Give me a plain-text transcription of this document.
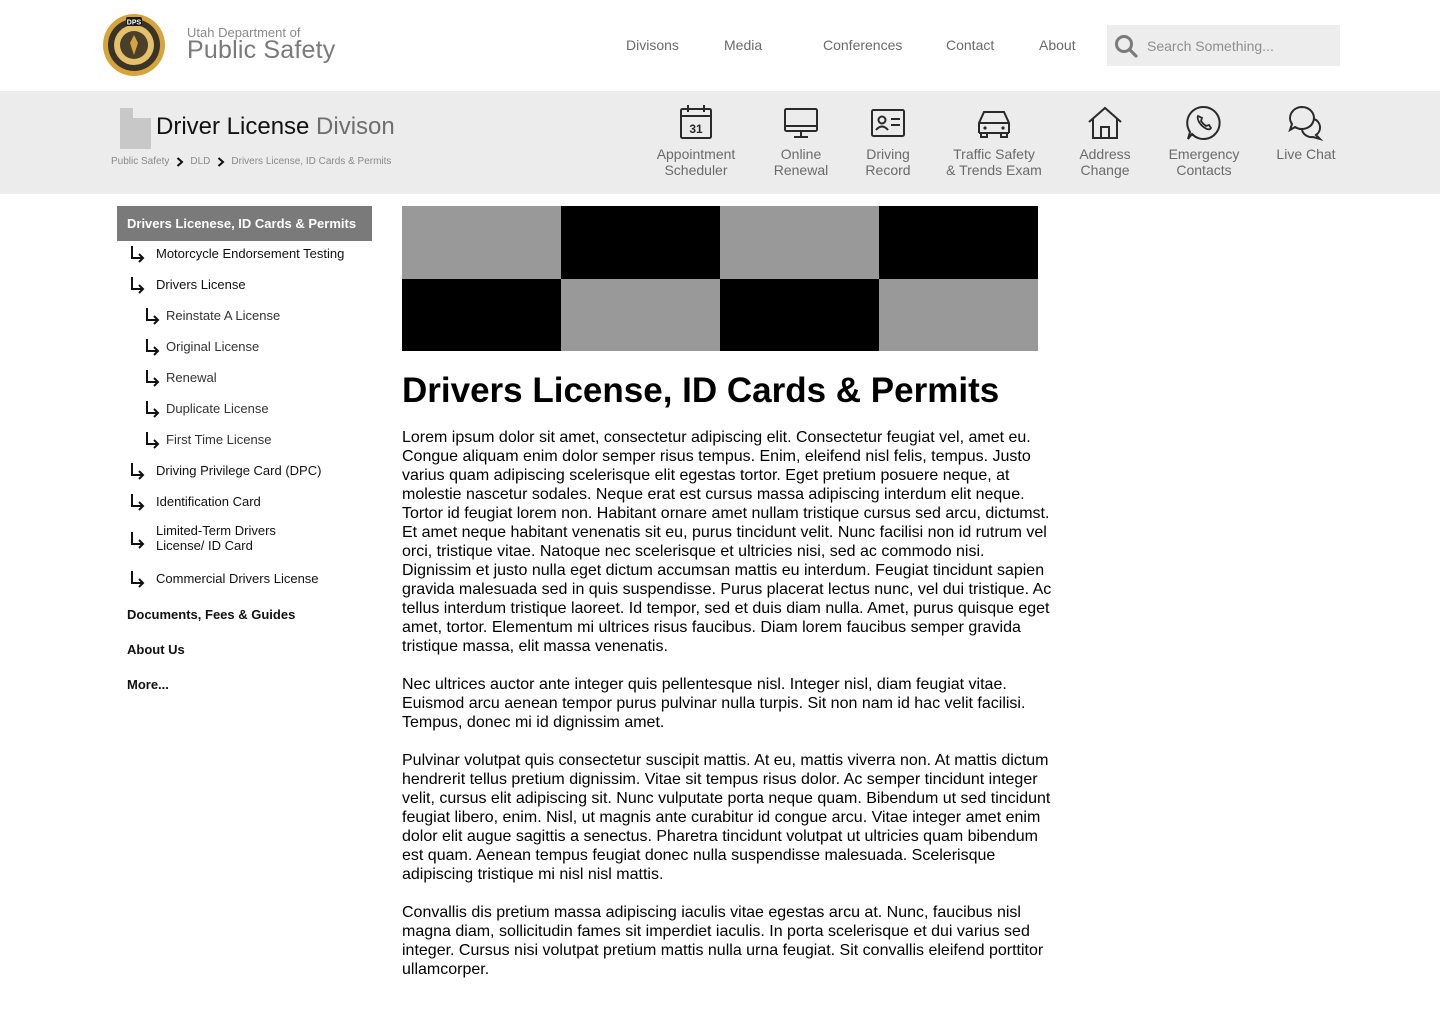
DPS
Utah Department of
Public Safety	Divisons	Media	Conferences	Contact	About
Search Something...
Driver License Divison
Public Safety DLD Drivers License, ID Cards & Permits
31
Appointment
Scheduler
Online
Renewal
Driving
Record
Traffic Safety
& Trends Exam
Address
Change
Emergency
Contacts
Live Chat
Drivers Licenese, ID Cards & Permits
Motorcycle Endorsement Testing
Drivers License
Reinstate A License
Original License
Renewal
Duplicate License
First Time License
Driving Privilege Card (DPC)
Identification Card
Limited-Term Drivers License/ ID Card
Commercial Drivers License
Documents, Fees & Guides
About Us
More...
Drivers License, ID Cards & Permits

Lorem ipsum dolor sit amet, consectetur adipiscing elit. Consectetur feugiat vel, amet eu. Congue aliquam enim dolor semper risus tempus. Enim, eleifend nisl felis, tempus. Justo varius quam adipiscing scelerisque elit egestas tortor. Eget pretium posuere neque, at molestie nascetur sodales. Neque erat est cursus massa adipiscing interdum elit neque. Tortor id feugiat lorem non. Habitant ornare amet nullam tristique cursus sed arcu, dictumst. Et amet neque habitant venenatis sit eu, purus tincidunt velit. Nunc facilisi non id rutrum vel orci, tristique vitae. Natoque nec scelerisque et ultricies nisi, sed ac commodo nisi. Dignissim et justo nulla eget dictum accumsan mattis eu interdum. Feugiat tincidunt sapien gravida malesuada sed in quis suspendisse. Purus placerat lectus nunc, vel dui tristique. Ac tellus interdum tristique laoreet. Id tempor, sed et duis diam nulla. Amet, purus quisque eget amet, tortor. Elementum mi ultrices risus faucibus. Diam lorem faucibus semper gravida tristique massa, elit massa venenatis.

Nec ultrices auctor ante integer quis pellentesque nisl. Integer nisl, diam feugiat vitae. Euismod arcu aenean tempor purus pulvinar nulla turpis. Sit non nam id hac velit facilisi. Tempus, donec mi id dignissim amet.

Pulvinar volutpat quis consectetur suscipit mattis. At eu, mattis viverra non. At mattis dictum hendrerit tellus pretium dignissim. Vitae sit tempus risus dolor. Ac semper tincidunt integer velit, cursus elit adipiscing sit. Nunc vulputate porta neque quam. Bibendum ut sed tincidunt feugiat libero, enim. Nisl, ut magnis ante curabitur id congue arcu. Vitae integer amet enim dolor elit augue sagittis a senectus. Pharetra tincidunt volutpat ut ultricies quam bibendum est quam. Aenean tempus feugiat donec nulla suspendisse malesuada. Scelerisque adipiscing tristique mi nisl nisl mattis.

Convallis dis pretium massa adipiscing iaculis vitae egestas arcu at. Nunc, faucibus nisl magna diam, sollicitudin fames sit imperdiet iaculis. In porta scelerisque et dui varius sed integer. Cursus nisi volutpat pretium mattis nulla urna feugiat. Sit convallis eleifend porttitor ullamcorper.
